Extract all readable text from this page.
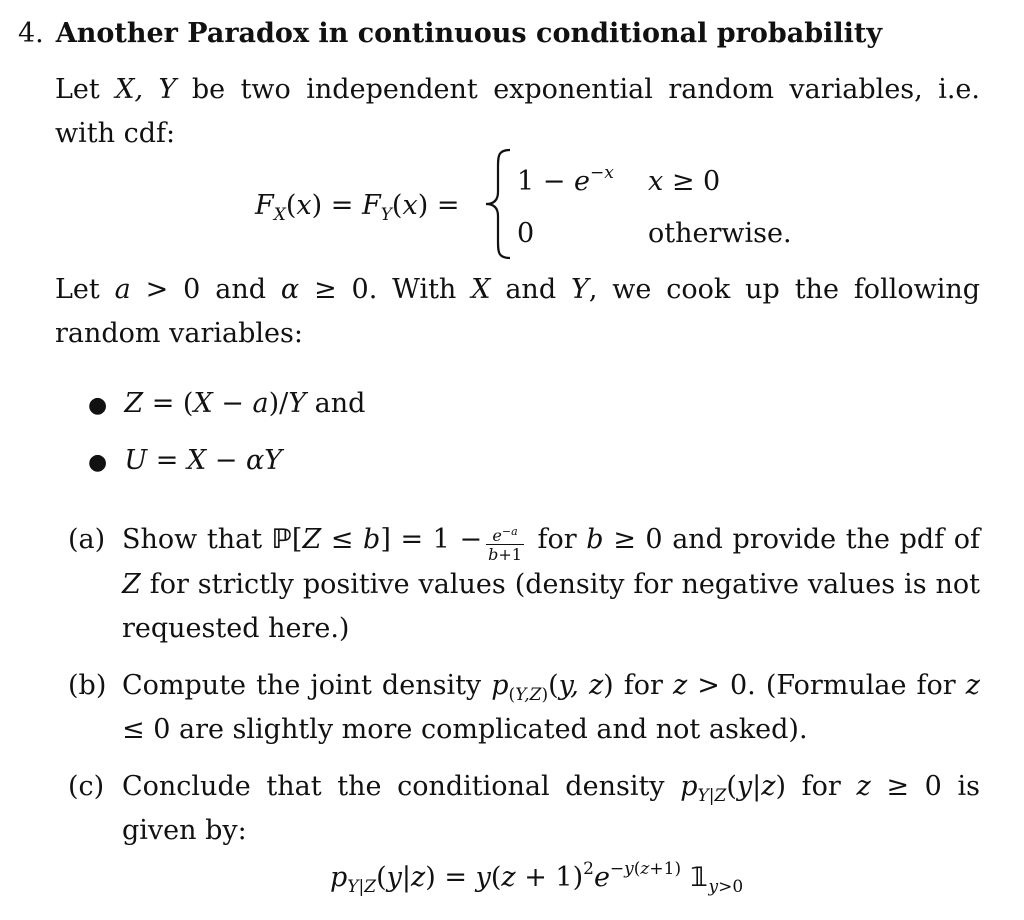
4. Another Paradox in continuous conditional probability
Let X, Y be two independent exponential random variables, i.e. with cdf:
$F_X(x) = F_Y(x)$ =
$1 - e^{-x}$ x ≥ 0
0	otherwise.
Let a > 0 and α ≥ 0. With X and Y, we cook up the following random variables:
● Z = (X − a)/Y and
● U = X − αY
(a) Show that ℙ[Z ≤ $b] = 1 - \frac{e^{-a}}{b+1}$ for b ≥ 0 and provide the pdf of Z for strictly positive values (density for negative values is not requested here.)
(b) Compute the joint density $p_{(Y,Z)}(y$, z) for z > 0. (Formulae for z ≤ 0 are slightly more complicated and not asked).
(c) Conclude that the conditional density $p_{Y|Z}(y|z)$ for z ≥ 0 is given by:
$p_{Y|Z}(y|z) = y(z + 1)^2e^{-y(z+1)}$ $𝟙_{y>0}$
